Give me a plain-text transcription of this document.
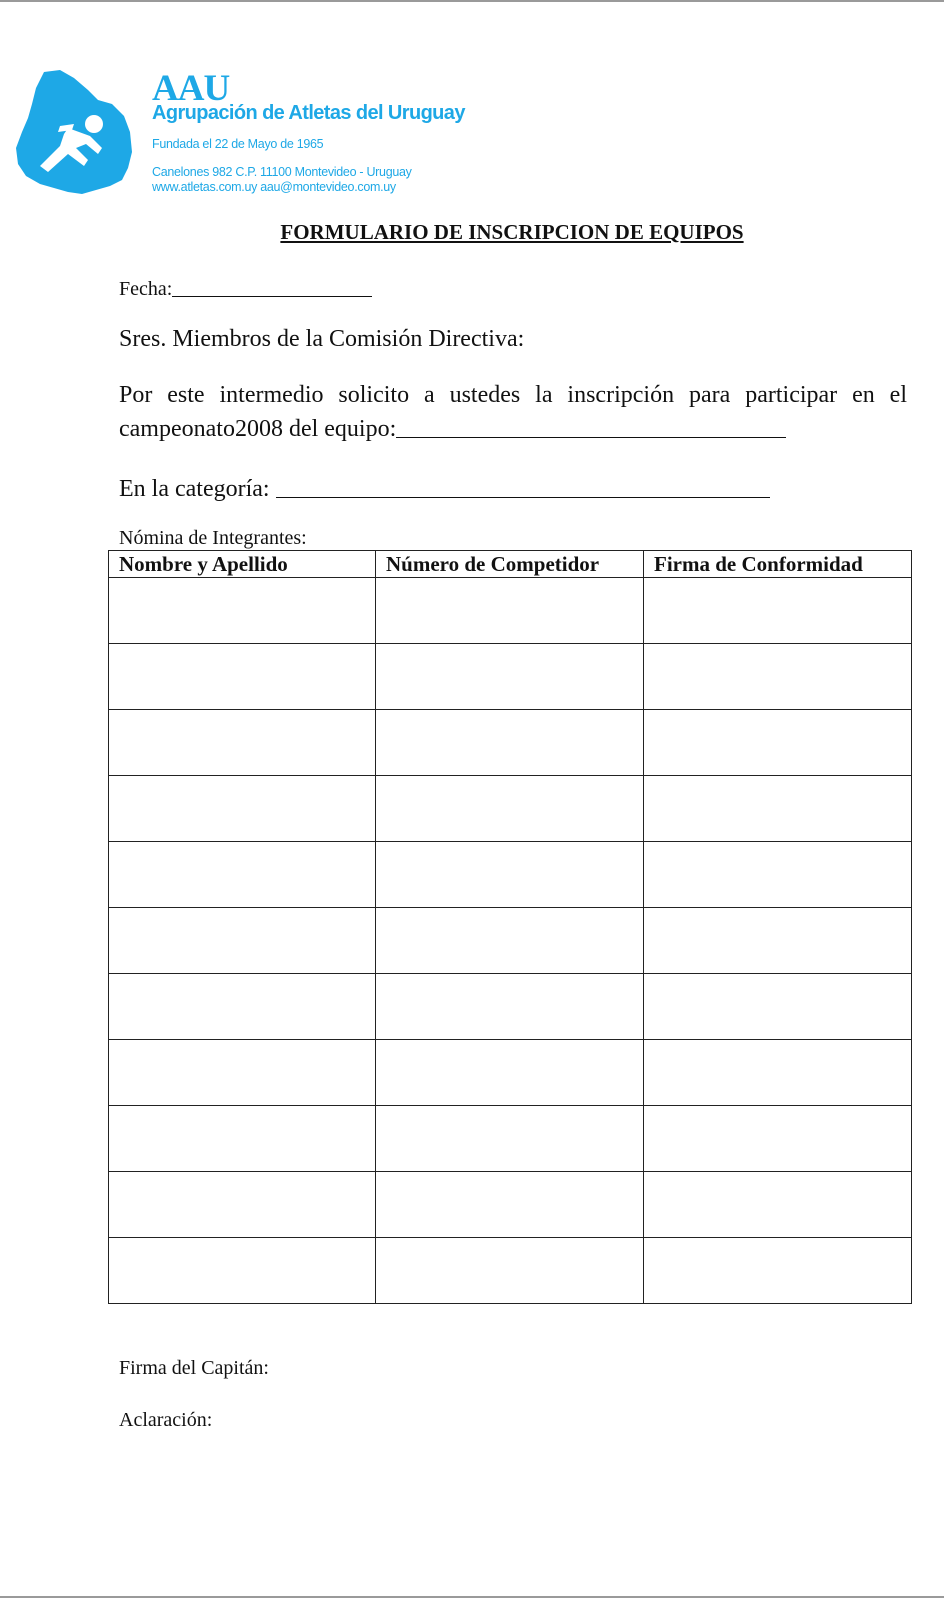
AAU
Agrupación de Atletas del Uruguay
Fundada el 22 de Mayo de 1965
Canelones 982 C.P. 11100 Montevideo - Uruguay
www.atletas.com.uy aau@montevideo.com.uy
FORMULARIO DE INSCRIPCION DE EQUIPOS
Fecha:
Sres. Miembros de la Comisión Directiva:
Por este intermedio solicito a ustedes la inscripción para participar en el
campeonato2008 del equipo:
En la categoría:
Nómina de Integrantes:
Nombre y Apellido	Número de Competidor	Firma de Conformidad

Firma del Capitán:
Aclaración:
